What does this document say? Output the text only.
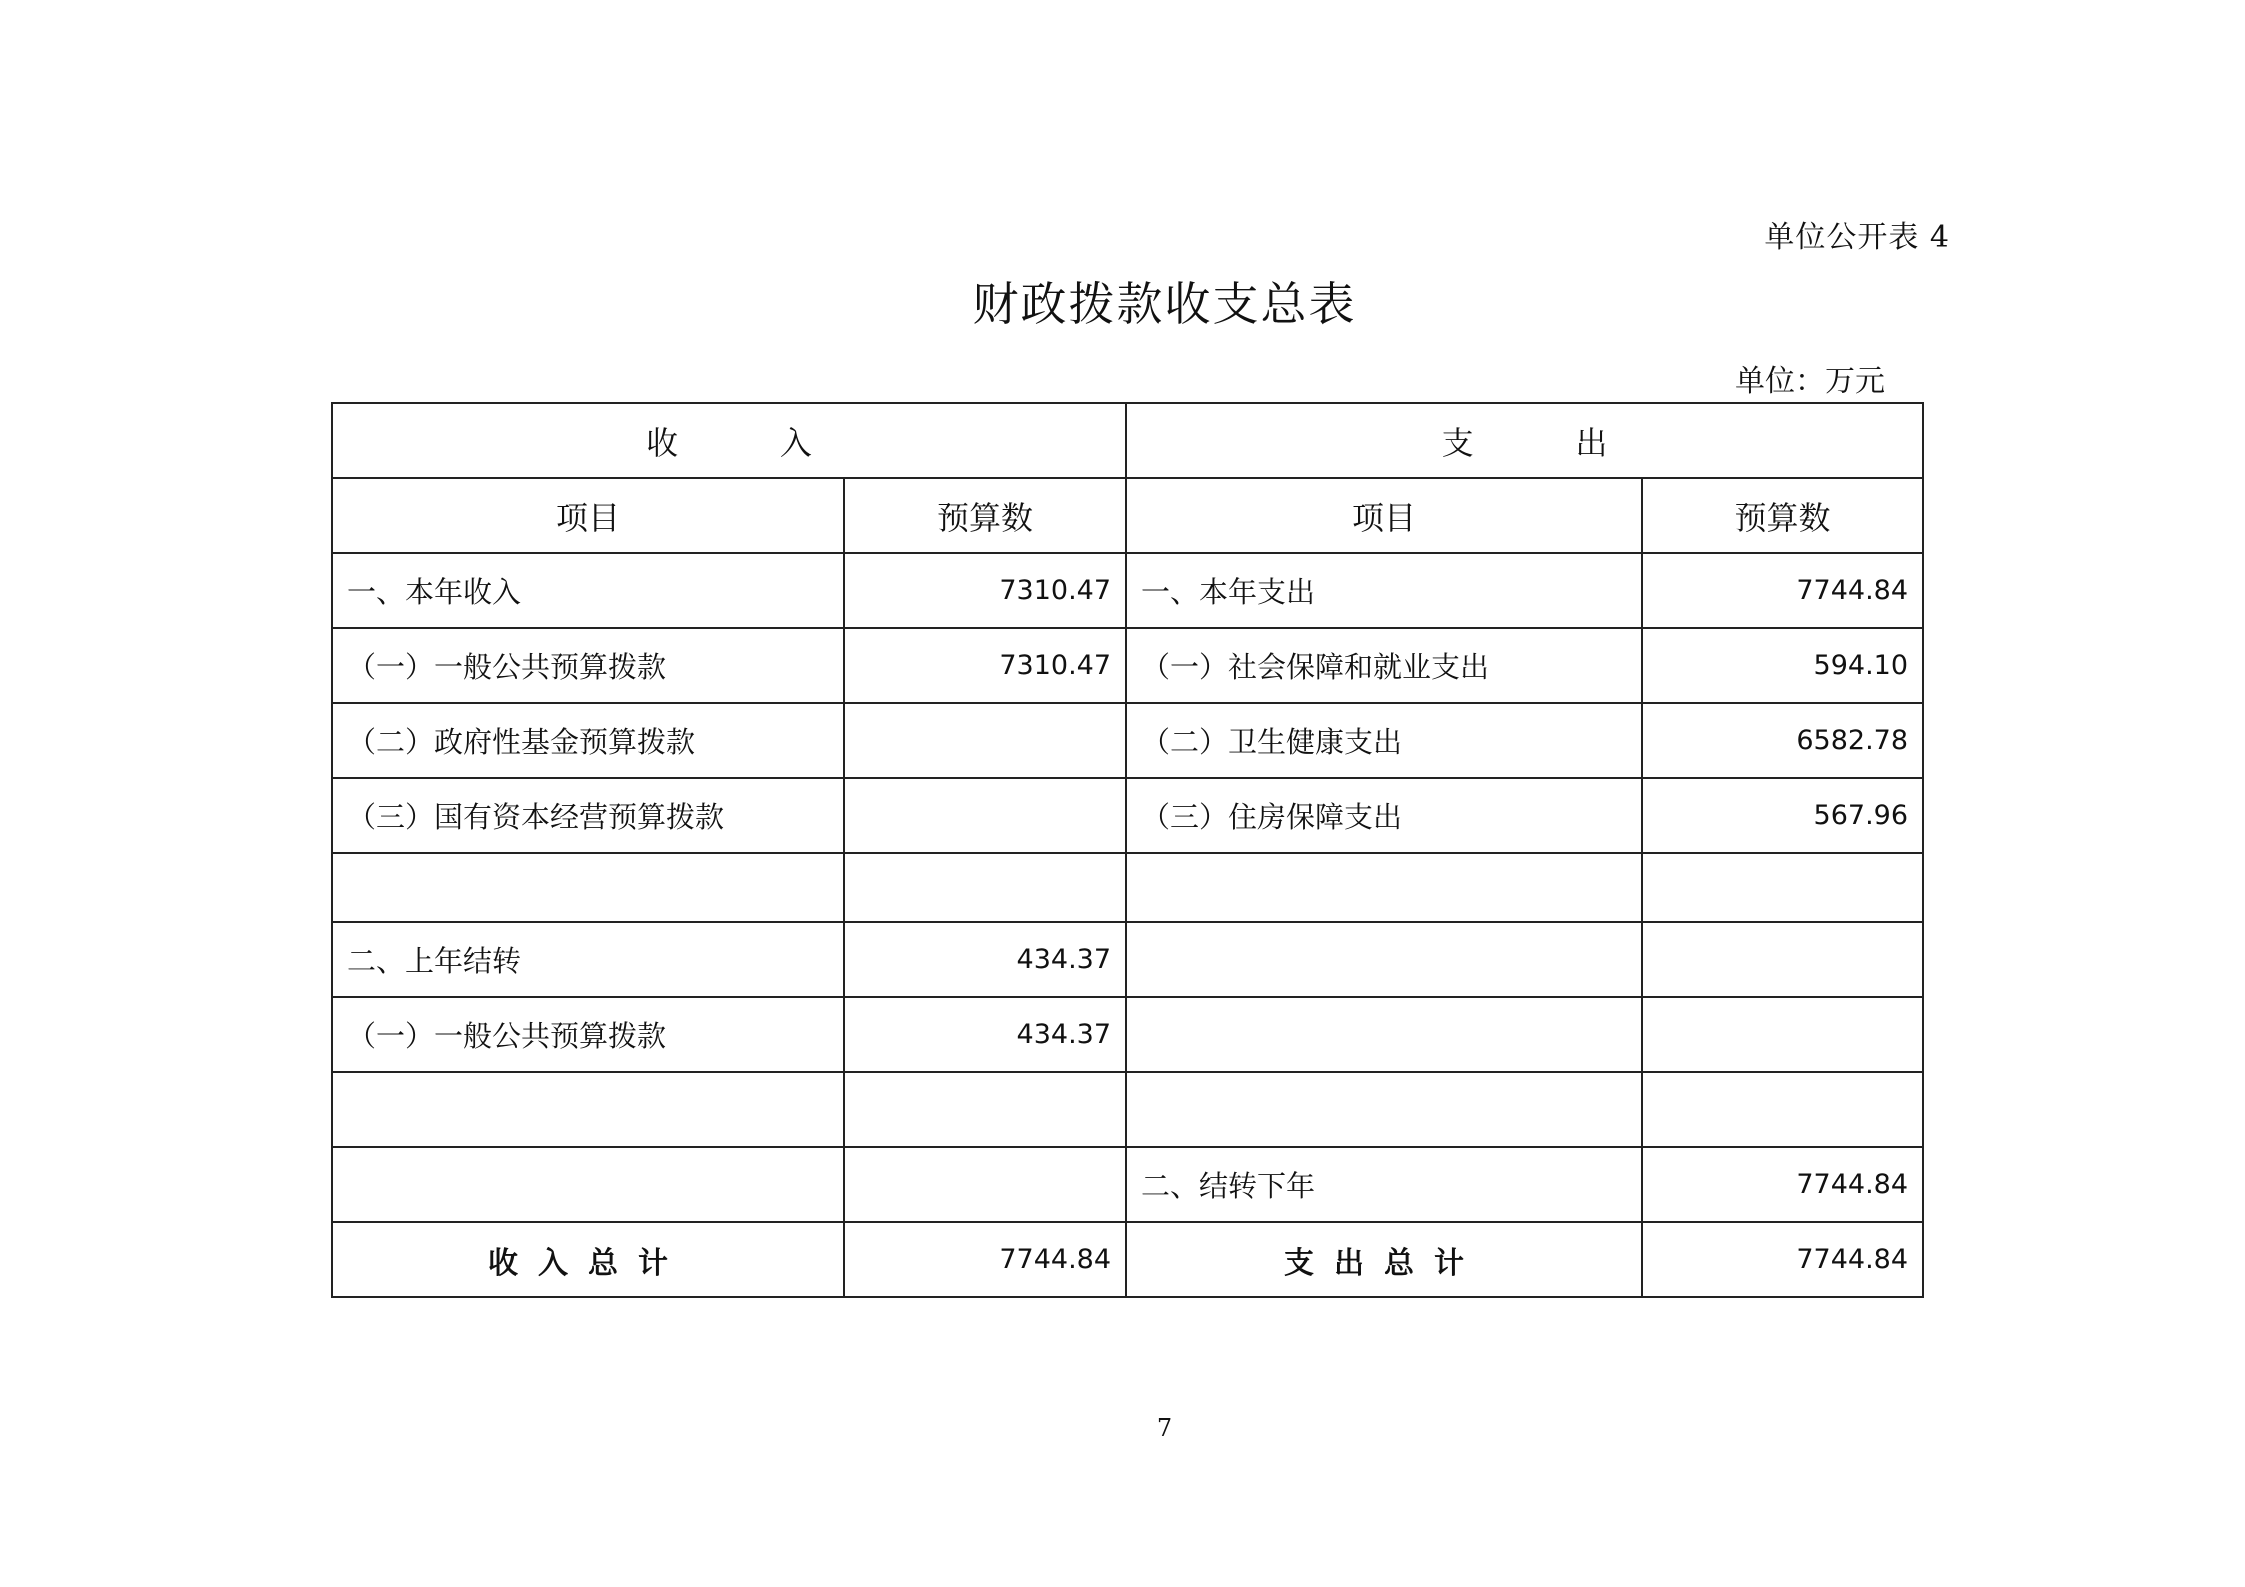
单位公开表 4
财政拨款收支总表
单位：万元
收          入		支          出	
项目	预算数	项目	预算数
一、本年收入	7310.47	一、本年支出	7744.84
（一）一般公共预算拨款	7310.47	（一）社会保障和就业支出	594.10
（二）政府性基金预算拨款		（二）卫生健康支出	6582.78
（三）国有资本经营预算拨款		（三）住房保障支出	567.96

二、上年结转	434.37		
（一）一般公共预算拨款	434.37		

		二、结转下年	7744.84
收入总计	7744.84	支出总计	7744.84
7
